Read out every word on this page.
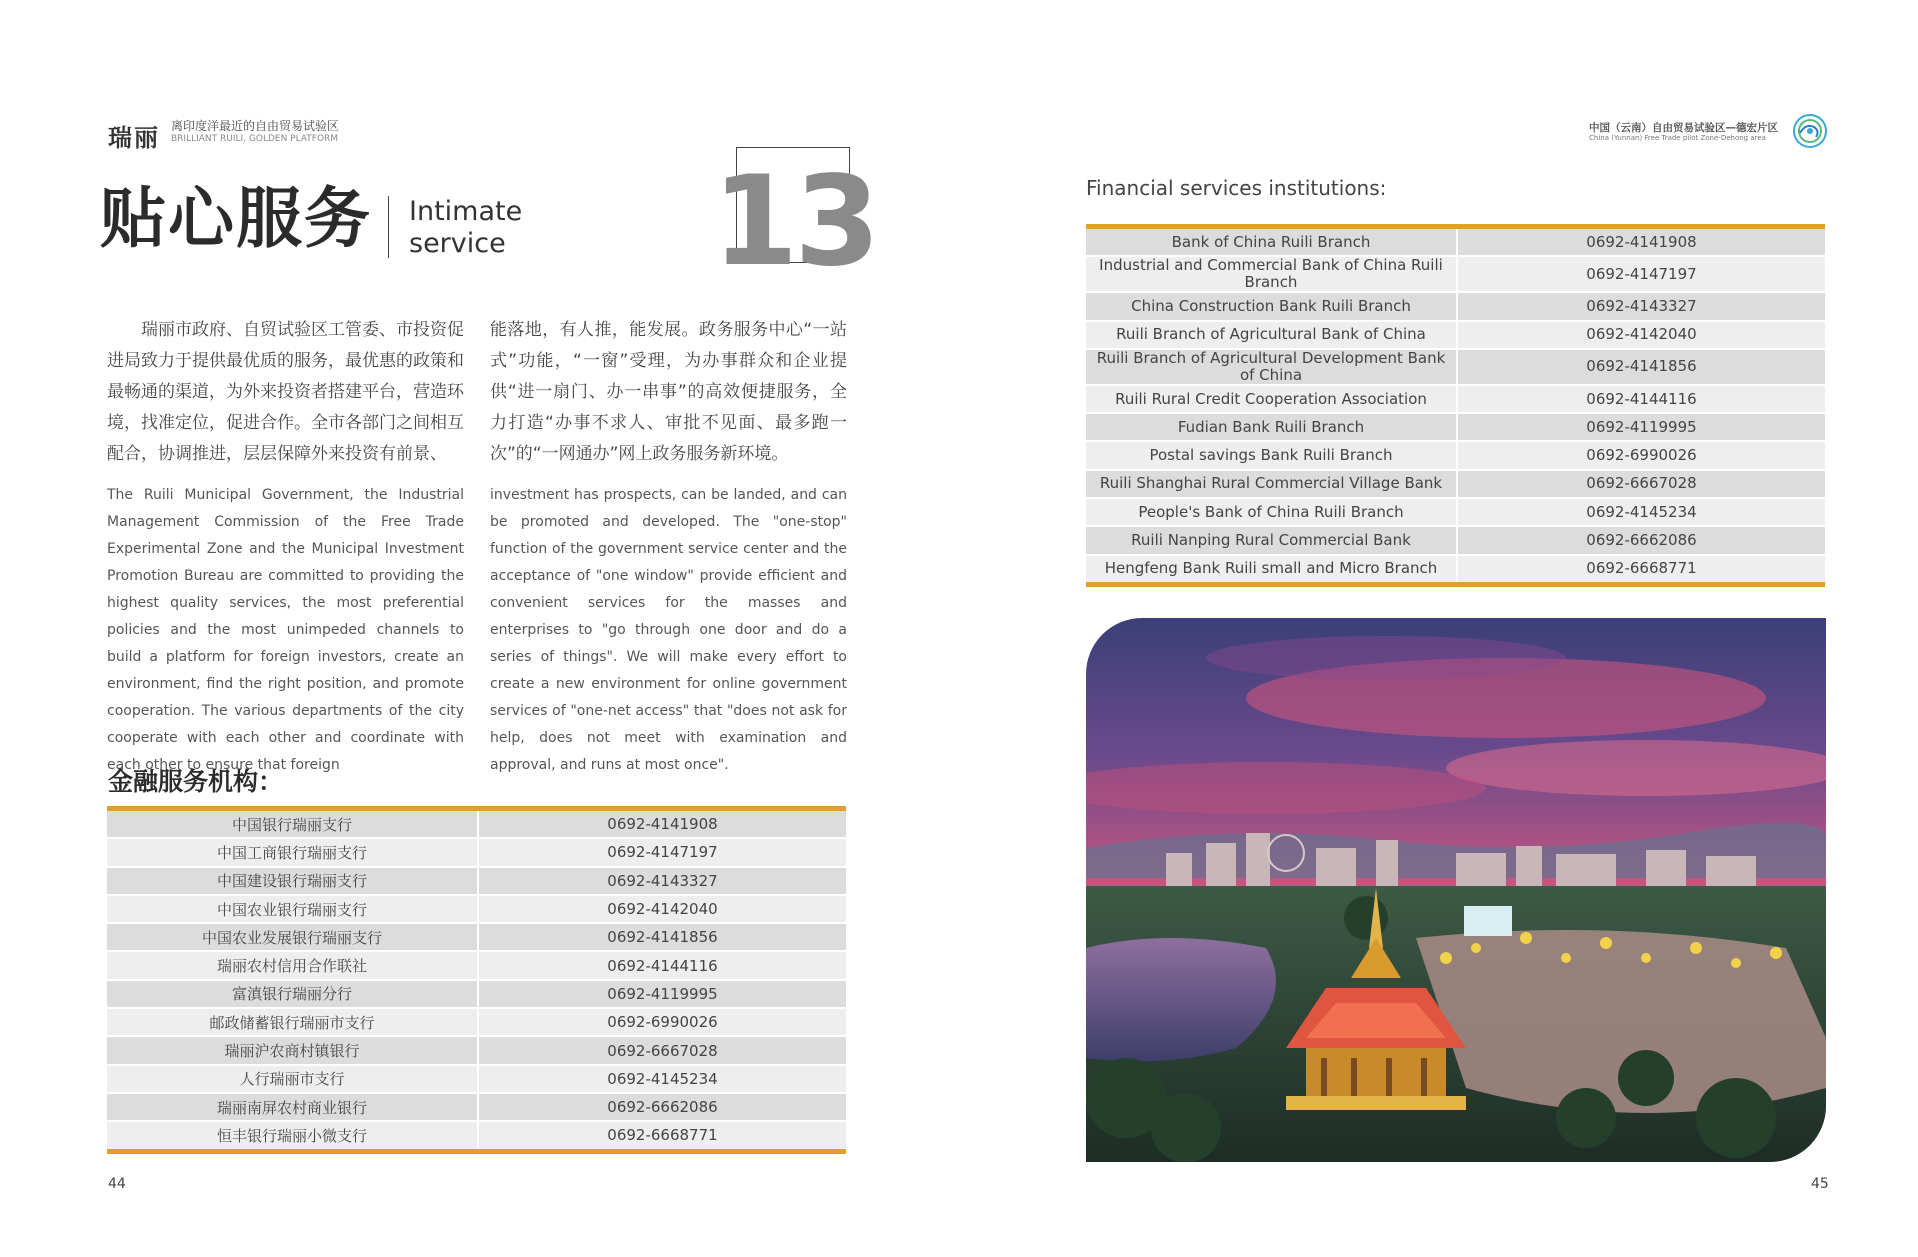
瑞丽 离印度洋最近的自由贸易试验区
BRILLIANT RUILI, GOLDEN PLATFORM
贴心服务 Intimate
service 13
瑞丽市政府、自贸试验区工管委、市投资促进局致力于提供最优质的服务，最优惠的政策和最畅通的渠道，为外来投资者搭建平台，营造环境，找准定位，促进合作。全市各部门之间相互配合，协调推进，层层保障外来投资有前景、
能落地，有人推，能发展。政务服务中心“一站式”功能，“一窗”受理，为办事群众和企业提供“进一扇门、办一串事”的高效便捷服务，全力打造“办事不求人、审批不见面、最多跑一次”的“一网通办”网上政务服务新环境。
The Ruili Municipal Government, the Industrial Management Commission of the Free Trade Experimental Zone and the Municipal Investment Promotion Bureau are committed to providing the highest quality services, the most preferential policies and the most unimpeded channels to build a platform for foreign investors, create an environment, find the right position, and promote cooperation. The various departments of the city cooperate with each other and coordinate with each other to ensure that foreign
investment has prospects, can be landed, and can be promoted and developed. The "one-stop" function of the government service center and the acceptance of "one window" provide efficient and convenient services for the masses and enterprises to "go through one door and do a series of things". We will make every effort to create a new environment for online government services of "one-net access" that "does not ask for help, does not meet with examination and approval, and runs at most once".
金融服务机构：
中国银行瑞丽支行	0692-4141908
中国工商银行瑞丽支行	0692-4147197
中国建设银行瑞丽支行	0692-4143327
中国农业银行瑞丽支行	0692-4142040
中国农业发展银行瑞丽支行	0692-4141856
瑞丽农村信用合作联社	0692-4144116
富滇银行瑞丽分行	0692-4119995
邮政储蓄银行瑞丽市支行	0692-6990026
瑞丽沪农商村镇银行	0692-6667028
人行瑞丽市支行	0692-4145234
瑞丽南屏农村商业银行	0692-6662086
恒丰银行瑞丽小微支行	0692-6668771
44
中国（云南）自由贸易试验区—德宏片区
China (Yunnan) Free Trade pilot Zone-Dehong area
Financial services institutions:
Bank of China Ruili Branch	0692-4141908
Industrial and Commercial Bank of China Ruili Branch	0692-4147197
China Construction Bank Ruili Branch	0692-4143327
Ruili Branch of Agricultural Bank of China	0692-4142040
Ruili Branch of Agricultural Development Bank of China	0692-4141856
Ruili Rural Credit Cooperation Association	0692-4144116
Fudian Bank Ruili Branch	0692-4119995
Postal savings Bank Ruili Branch	0692-6990026
Ruili Shanghai Rural Commercial Village Bank	0692-6667028
People's Bank of China Ruili Branch	0692-4145234
Ruili Nanping Rural Commercial Bank	0692-6662086
Hengfeng Bank Ruili small and Micro Branch	0692-6668771
45
